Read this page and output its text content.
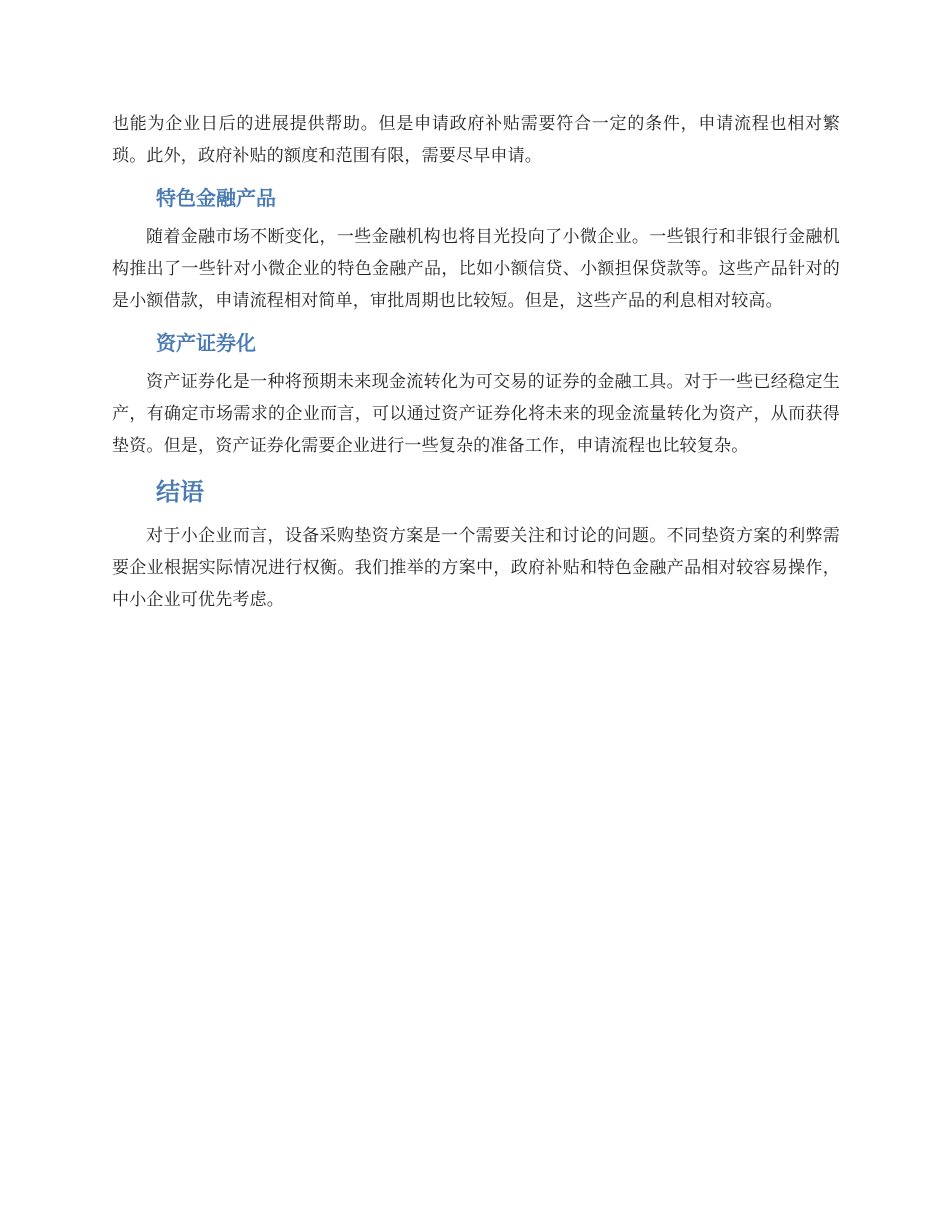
也能为企业日后的进展提供帮助。但是申请政府补贴需要符合一定的条件，申请流程也相对繁琐。此外，政府补贴的额度和范围有限，需要尽早申请。

特色金融产品

随着金融市场不断变化，一些金融机构也将目光投向了小微企业。一些银行和非银行金融机构推出了一些针对小微企业的特色金融产品，比如小额信贷、小额担保贷款等。这些产品针对的是小额借款，申请流程相对简单，审批周期也比较短。但是，这些产品的利息相对较高。

资产证券化

资产证券化是一种将预期未来现金流转化为可交易的证券的金融工具。对于一些已经稳定生产，有确定市场需求的企业而言，可以通过资产证券化将未来的现金流量转化为资产，从而获得垫资。但是，资产证券化需要企业进行一些复杂的准备工作，申请流程也比较复杂。

结语

对于小企业而言，设备采购垫资方案是一个需要关注和讨论的问题。不同垫资方案的利弊需要企业根据实际情况进行权衡。我们推举的方案中，政府补贴和特色金融产品相对较容易操作，中小企业可优先考虑。
